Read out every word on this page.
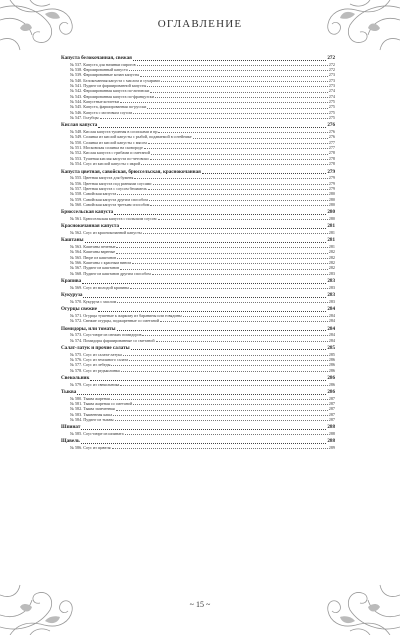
ОГЛАВЛЕНИЕ
Капуста белокочанная, свежая	272
№ 537. Капуста для начинки пирогов	272
№ 538. Фаршированный капуста	272
№ 539. Фаршированные кочан капусты	273
№ 540. Белокочанная капуста с маслом и сухарями	273
№ 541. Пудинг из фаршированной капусты	273
№ 542. Фаршированная капуста по-литовски	274
№ 543. Фаршированная капуста по-французски	274
№ 544. Капустные котлетки	275
№ 545. Капуста, фаршированная по-русски	275
№ 546. Капуста с мозговым соусом	275
№ 547. Голубцы	275
Кислая капуста	276
№ 548. Кислая капуста тушеная в сосисками и пр	276
№ 549. Солянка из кислой капусты с рыбой, подаваемой в сотейнике	276
№ 550. Солянка из кислой капусты с мясом	277
№ 551. Московская солянка на сковороде	277
№ 552. Кислая капуста с грибами и сметаной	278
№ 553. Тушеная кислая капуста по-четовски	278
№ 554. Соус из кислой капусты с икрой	278
Капуста цветная, савойская, брюссельская, краснокочанная	279
№ 555. Цветная капуста для буженя	279
№ 556. Цветная капуста под разными соусами	279
№ 557. Цветная капуста с соусом бешамель	279
№ 558. Савойская капуста	280
№ 559. Савойская капуста другим способом	280
№ 560. Савойская капуста третьим способом	280
Брюссельская капуста	280
№ 561. Брюссельская капуста с польским соусом	280
Краснокочанная капуста	281
№ 562. Соус из краснокочанной капусты	281
Каштаны	281
№ 563. Каштаны печеные	281
№ 564. Каштаны вареные	282
№ 565. Пюре из каштанов	282
№ 566. Каштаны с красным вином	282
№ 567. Пудинг из каштанов	282
№ 568. Пудинг из каштанов другим способом	283
Крапива	283
№ 569. Соус из молодой крапивы	283
Кукуруза	283
№ 570. Кукуруза с маслом	283
Огурцы свежие	284
№ 571. Огурцы тушеные к жаркому из баранины или говядины	284
№ 572. Свежие огурцы, поджаренные со сметаной	284
Помидоры, или томаты	284
№ 573. Соус-пюре из свежих помидоров	284
№ 574. Помидоры фаршированные со сметаной	284
Салат-латук и прочие салаты	285
№ 575. Соус из салата-латука	285
№ 576. Соус из земляного салата	286
№ 577. Соус из лебеды	286
№ 578. Соус из редьколинка	286
Свекольник	286
№ 579. Соус из свекольника	286
Тыква	286
№ 580. Тыква жареная	287
№ 581. Тыква жареная со сметаной	287
№ 582. Тыква запеченная	287
№ 583. Тыквенная каша	287
№ 584. Пудинг из тыквы	287
Шпинат	288
№ 585. Соус-пюре из шпината	288
Щавель	288
№ 586. Соус из щавеля	289
~ 15 ~
